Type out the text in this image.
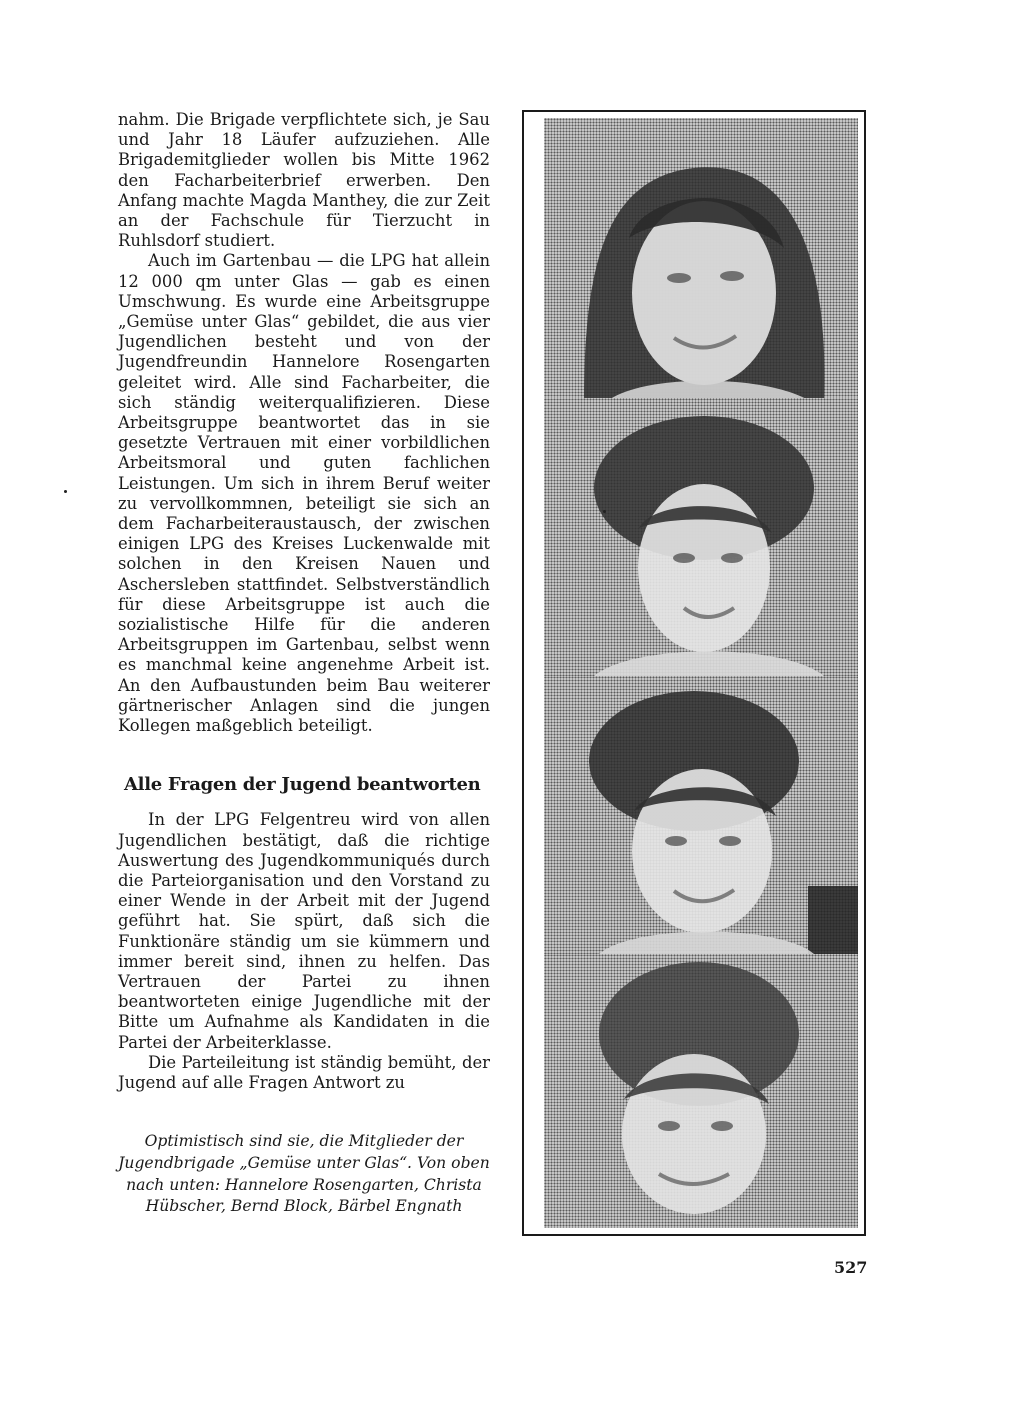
nahm. Die Brigade verpflichtete sich, je Sau und Jahr 18 Läufer aufzuziehen. Alle Brigademitglieder wollen bis Mitte 1962 den Facharbeiterbrief erwerben. Den Anfang machte Magda Manthey, die zur Zeit an der Fachschule für Tierzucht in Ruhlsdorf studiert.

Auch im Gartenbau — die LPG hat allein 12 000 qm unter Glas — gab es einen Umschwung. Es wurde eine Arbeitsgruppe „Gemüse unter Glas“ gebildet, die aus vier Jugendlichen besteht und von der Jugendfreundin Hannelore Rosengarten geleitet wird. Alle sind Facharbeiter, die sich ständig weiterqualifizieren. Diese Arbeitsgruppe beantwortet das in sie gesetzte Vertrauen mit einer vorbildlichen Arbeitsmoral und guten fachlichen Leistungen. Um sich in ihrem Beruf weiter zu vervollkommnen, beteiligt sie sich an dem Facharbeiteraustausch, der zwischen einigen LPG des Kreises Luckenwalde mit solchen in den Kreisen Nauen und Aschersleben stattfindet. Selbstverständlich für diese Arbeitsgruppe ist auch die sozialistische Hilfe für die anderen Arbeitsgruppen im Gartenbau, selbst wenn es manchmal keine angenehme Arbeit ist. An den Aufbaustunden beim Bau weiterer gärtnerischer Anlagen sind die jungen Kollegen maßgeblich beteiligt.

Alle Fragen der Jugend beantworten

In der LPG Felgentreu wird von allen Jugendlichen bestätigt, daß die richtige Auswertung des Jugendkommuniqués durch die Parteiorganisation und den Vorstand zu einer Wende in der Arbeit mit der Jugend geführt hat. Sie spürt, daß sich die Funktionäre ständig um sie kümmern und immer bereit sind, ihnen zu helfen. Das Vertrauen der Partei zu ihnen beantworteten einige Jugendliche mit der Bitte um Aufnahme als Kandidaten in die Partei der Arbeiterklasse.

Die Parteileitung ist ständig bemüht, der Jugend auf alle Fragen Antwort zu

Optimistisch sind sie, die Mitglieder der Jugendbrigade „Gemüse unter Glas“. Von oben nach unten: Hannelore Rosengarten, Christa Hübscher, Bernd Block, Bärbel Engnath

527
